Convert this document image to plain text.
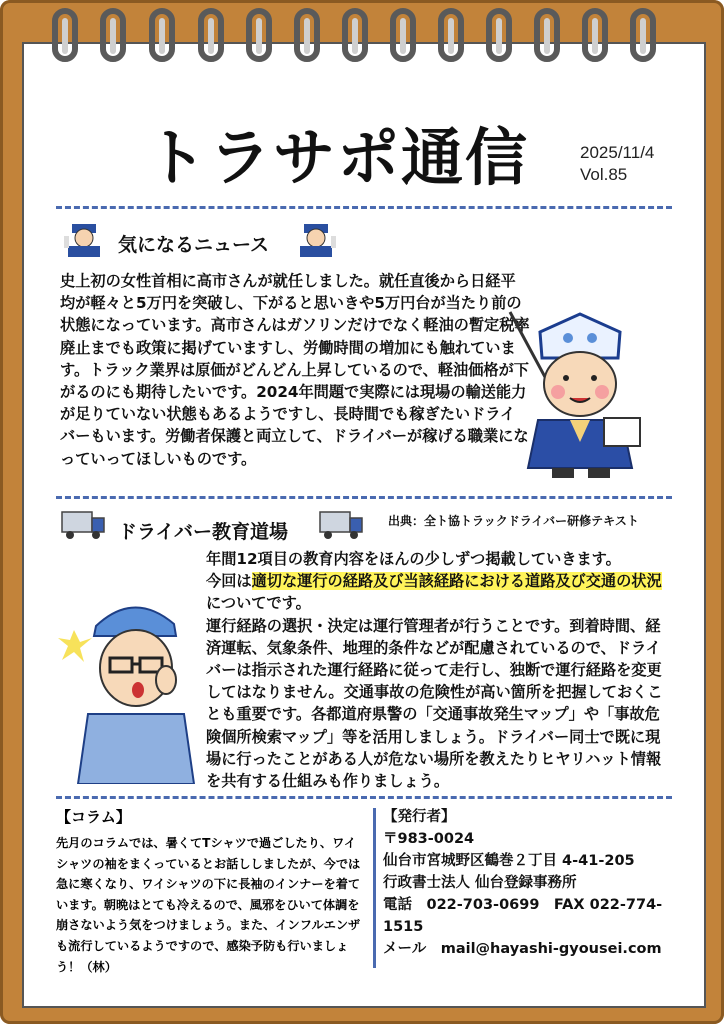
トラサポ通信	2025/11/4
Vol.85
気になるニュース
史上初の女性首相に高市さんが就任しました。就任直後から日経平均が軽々と5万円を突破し、下がると思いきや5万円台が当たり前の状態になっています。高市さんはガソリンだけでなく軽油の暫定税率廃止までも政策に掲げていますし、労働時間の増加にも触れています。トラック業界は原価がどんどん上昇しているので、軽油価格が下がるのにも期待したいです。2024年問題で実際には現場の輸送能力が足りていない状態もあるようですし、長時間でも稼ぎたいドライバーもいます。労働者保護と両立して、ドライバーが稼げる職業になっていってほしいものです。
ドライバー教育道場	出典：全ト協トラックドライバー研修テキスト
年間12項目の教育内容をほんの少しずつ掲載していきます。
今回は適切な運行の経路及び当該経路における道路及び交通の状況についてです。
運行経路の選択・決定は運行管理者が行うことです。到着時間、経済運転、気象条件、地理的条件などが配慮されているので、ドライバーは指示された運行経路に従って走行し、独断で運行経路を変更してはなりません。交通事故の危険性が高い箇所を把握しておくことも重要です。各都道府県警の「交通事故発生マップ」や「事故危険個所検索マップ」等を活用しましょう。ドライバー同士で既に現場に行ったことがある人が危ない場所を教えたりヒヤリハット情報を共有する仕組みも作りましょう。
【コラム】
先月のコラムでは、暑くてTシャツで過ごしたり、ワイシャツの袖をまくっているとお話ししましたが、今では急に寒くなり、ワイシャツの下に長袖のインナーを着ています。朝晩はとても冷えるので、風邪をひいて体調を崩さないよう気をつけましょう。また、インフルエンザも流行しているようですので、感染予防も行いましょう！（林）
【発行者】
〒983-0024
仙台市宮城野区鶴巻２丁目 4-41-205
行政書士法人 仙台登録事務所
電話　022-703-0699　FAX 022-774-1515
メール　mail@hayashi-gyousei.com
